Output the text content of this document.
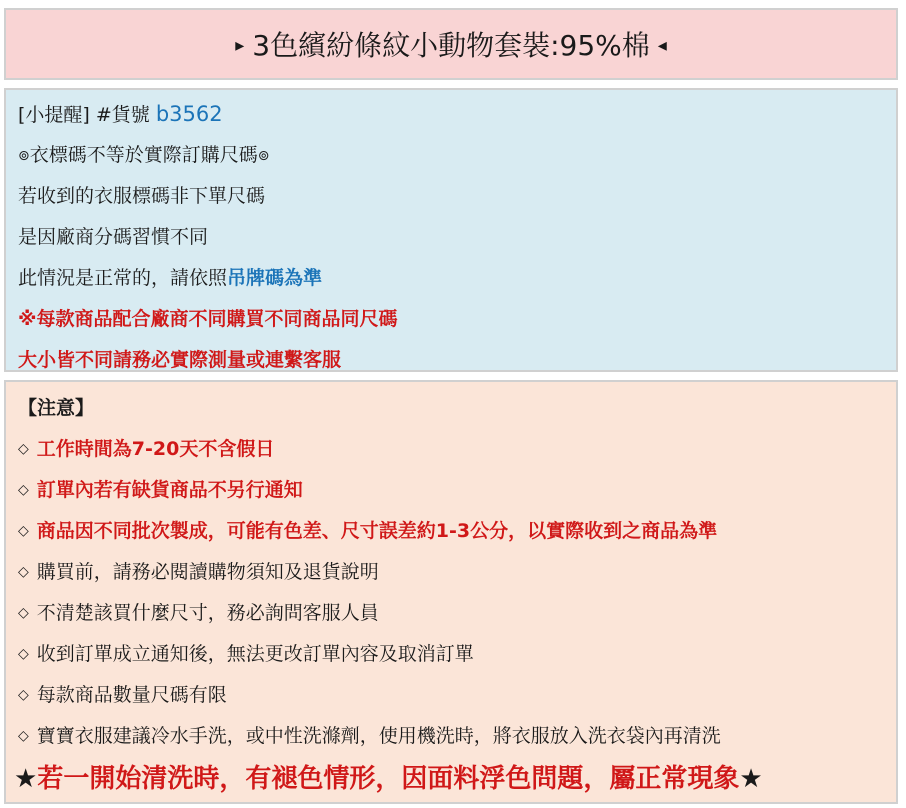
▸ 3色繽紛條紋小動物套裝:95%棉 ◂
[小提醒] #貨號 b3562
⊚衣標碼不等於實際訂購尺碼⊚
若收到的衣服標碼非下單尺碼
是因廠商分碼習慣不同
此情況是正常的，請依照吊牌碼為準
※每款商品配合廠商不同購買不同商品同尺碼
大小皆不同請務必實際測量或連繫客服
【注意】
◇ 工作時間為7-20天不含假日
◇ 訂單內若有缺貨商品不另行通知
◇ 商品因不同批次製成，可能有色差、尺寸誤差約1-3公分，以實際收到之商品為準
◇ 購買前，請務必閱讀購物須知及退貨說明
◇ 不清楚該買什麼尺寸，務必詢問客服人員
◇ 收到訂單成立通知後，無法更改訂單內容及取消訂單
◇ 每款商品數量尺碼有限
◇ 寶寶衣服建議冷水手洗，或中性洗滌劑，使用機洗時，將衣服放入洗衣袋內再清洗
★若一開始清洗時，有褪色情形，因面料浮色問題，屬正常現象★
